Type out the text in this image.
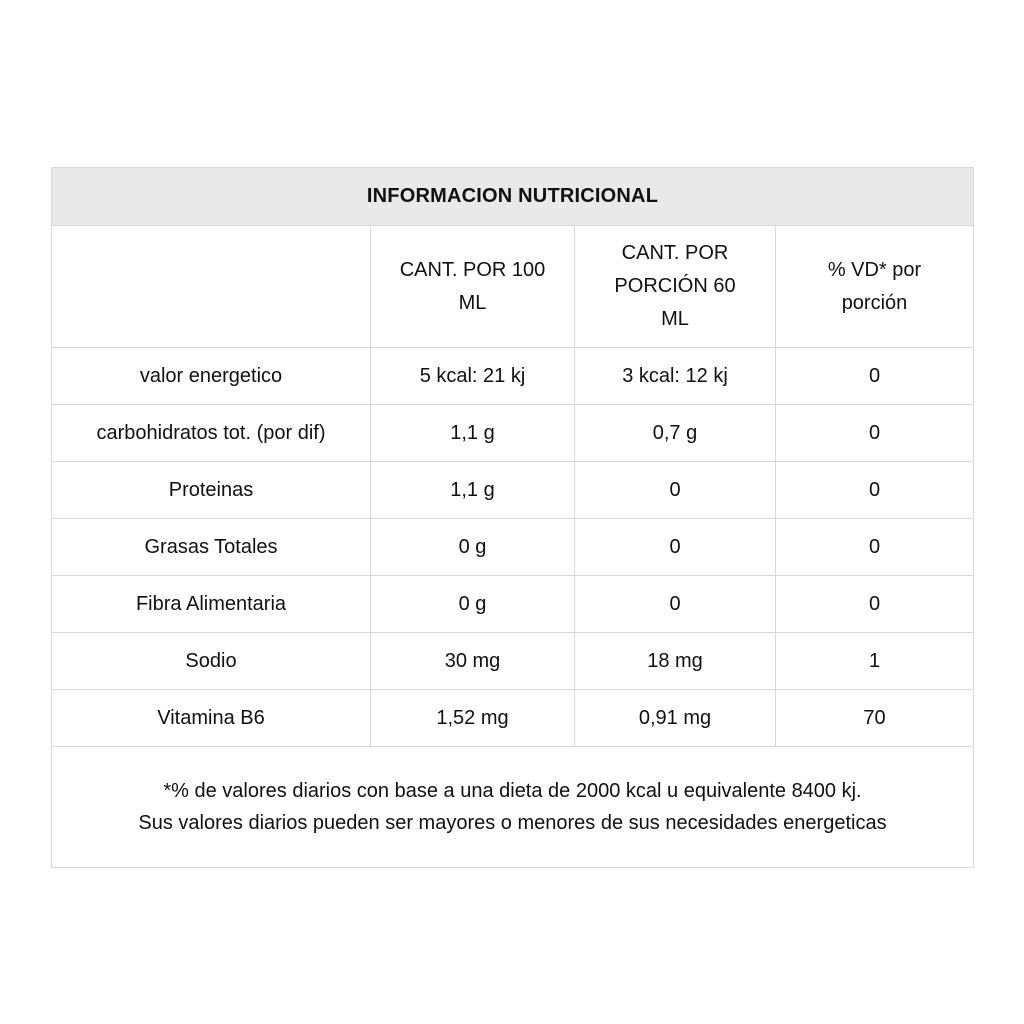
INFORMACION NUTRICIONAL			
	CANT. POR 100 ML	CANT. POR PORCIÓN 60 ML	% VD* por porción
valor energetico	5 kcal: 21 kj	3 kcal: 12 kj	0
carbohidratos tot. (por dif)	1,1 g	0,7 g	0
Proteinas	1,1 g	0	0
Grasas Totales	0 g	0	0
Fibra Alimentaria	0 g	0	0
Sodio	30 mg	18 mg	1
Vitamina B6	1,52 mg	0,91 mg	70

*% de valores diarios con base a una dieta de 2000 kcal u equivalente 8400 kj.
Sus valores diarios pueden ser mayores o menores de sus necesidades energeticas			
